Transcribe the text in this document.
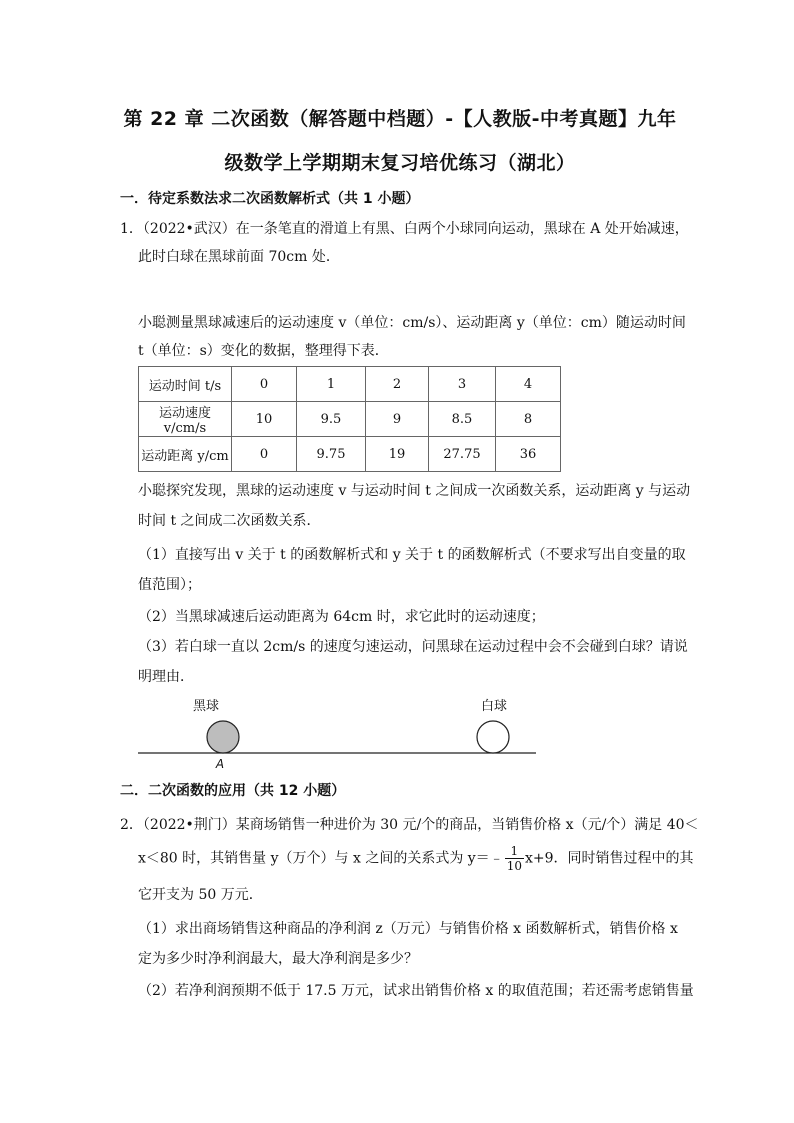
第 22 章 二次函数（解答题中档题）-【人教版-中考真题】九年
级数学上学期期末复习培优练习（湖北）
一．待定系数法求二次函数解析式（共 1 小题）
1．（2022•武汉）在一条笔直的滑道上有黑、白两个小球同向运动，黑球在 A 处开始减速，
此时白球在黑球前面 70cm 处．
小聪测量黑球减速后的运动速度 v（单位：cm/s）、运动距离 y（单位：cm）随运动时间
t（单位：s）变化的数据，整理得下表．
运动时间 t/s	0	1	2	3	4
运动速度 v/cm/s	10	9.5	9	8.5	8
运动距离 y/cm	0	9.75	19	27.75	36
小聪探究发现，黑球的运动速度 v 与运动时间 t 之间成一次函数关系，运动距离 y 与运动
时间 t 之间成二次函数关系．
（1）直接写出 v 关于 t 的函数解析式和 y 关于 t 的函数解析式（不要求写出自变量的取
值范围）；
（2）当黑球减速后运动距离为 64cm 时，求它此时的运动速度；
（3）若白球一直以 2cm/s 的速度匀速运动，问黑球在运动过程中会不会碰到白球？请说
明理由．
黑球	白球
A
二．二次函数的应用（共 12 小题）
2．（2022•荆门）某商场销售一种进价为 30 元/个的商品，当销售价格 x（元/个）满足 40＜
x＜80 时，其销售量 y（万个）与 x 之间的关系式为 y＝﹣ $\frac{1}{10} x+9$．同时销售过程中的其
它开支为 50 万元．
（1）求出商场销售这种商品的净利润 z（万元）与销售价格 x 函数解析式，销售价格 x
定为多少时净利润最大，最大净利润是多少？
（2）若净利润预期不低于 17.5 万元，试求出销售价格 x 的取值范围；若还需考虑销售量
